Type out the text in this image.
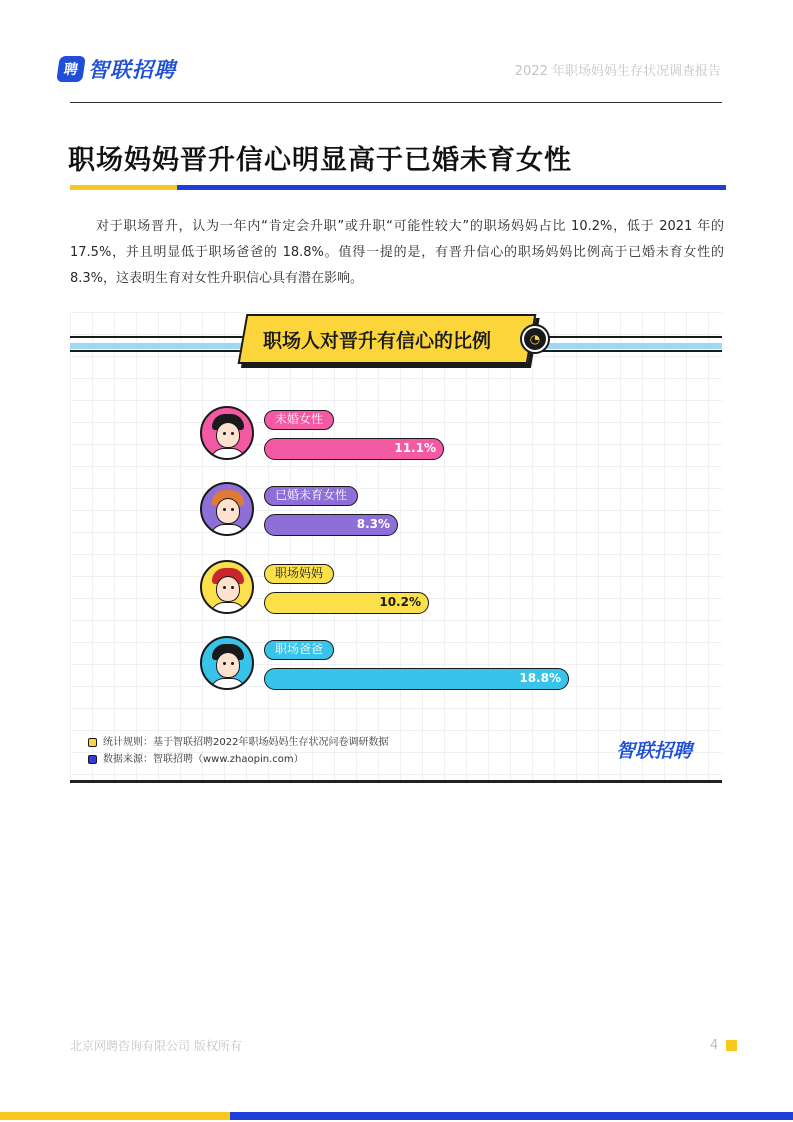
聘 智联招聘	2022 年职场妈妈生存状况调查报告
职场妈妈晋升信心明显高于已婚未育女性

对于职场晋升，认为一年内“肯定会升职”或升职“可能性较大”的职场妈妈占比 10.2%，低于 2021 年的 17.5%，并且明显低于职场爸爸的 18.8%。值得一提的是，有晋升信心的职场妈妈比例高于已婚未育女性的 8.3%，这表明生育对女性升职信心具有潜在影响。

职场人对晋升有信心的比例	◔
未婚女性
11.1%
已婚未育女性
8.3%
职场妈妈
10.2%
职场爸爸
18.8%
统计规则：基于智联招聘2022年职场妈妈生存状况问卷调研数据
数据来源：智联招聘（www.zhaopin.com）	智联招聘
北京网聘咨询有限公司 版权所有	4
